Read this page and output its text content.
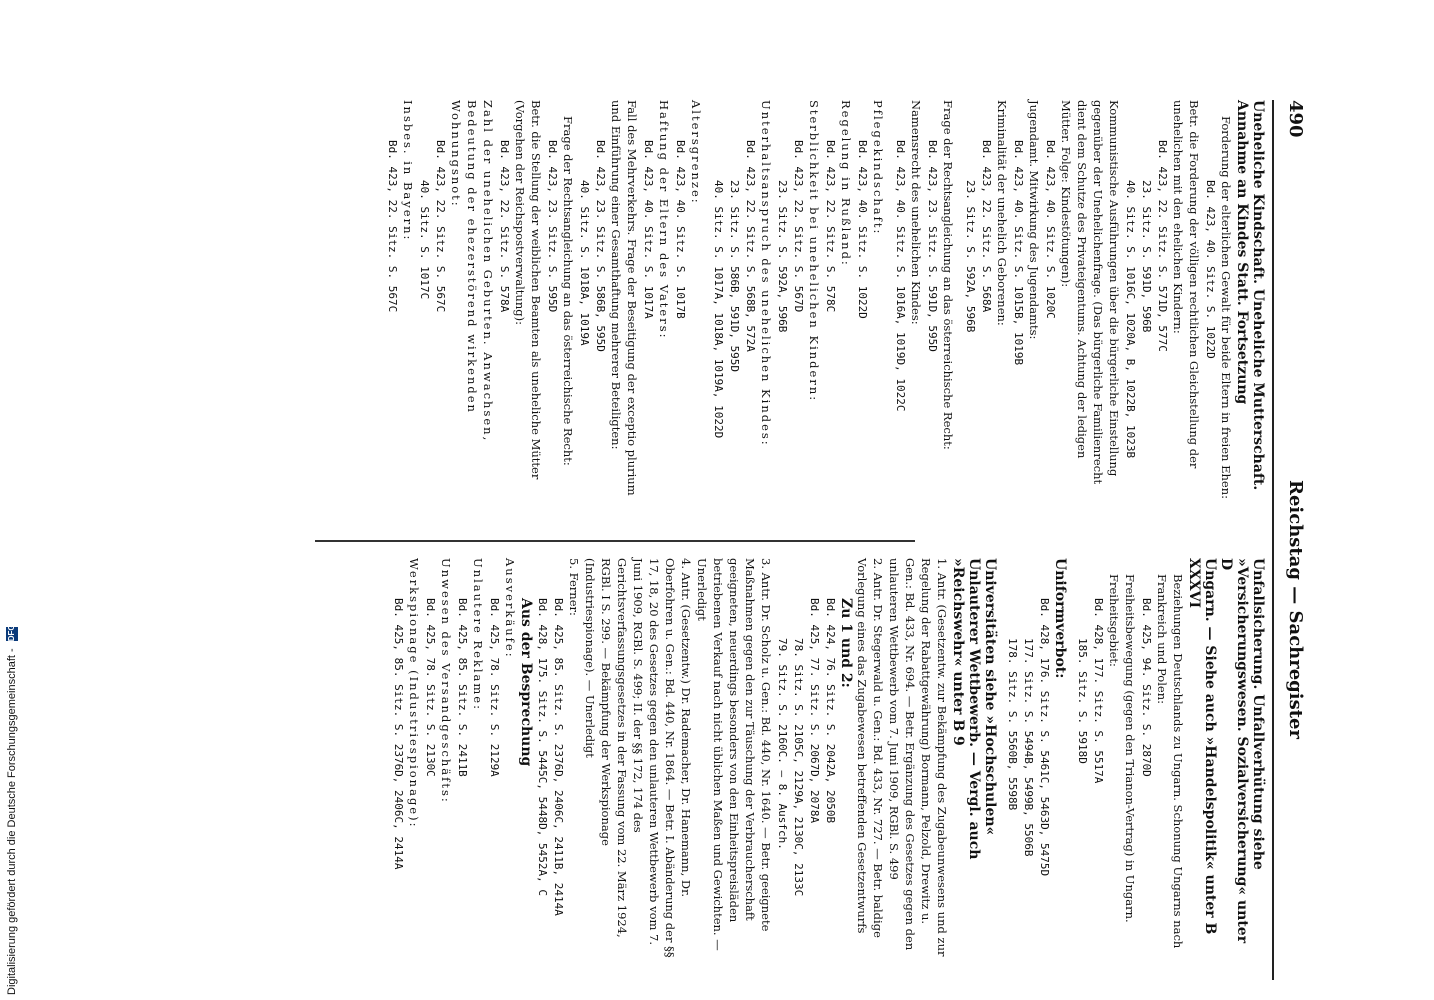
490
Reichstag — Sachregister
Uneheliche Kindschaft. Uneheliche Mutterschaft. Annahme an Kindes Statt. Fortsetzung
Forderung der elterlichen Gewalt für beide Eltern in freien Ehen:
Bd. 423, 40. Sitz. S. 1022D
Betr. die Forderung der völligen rechtlichen Gleichstellung der unehelichen mit den ehelichen Kindern:
Bd. 423, 22. Sitz. S. 571D, 577C
23. Sitz. S. 591D, 596B
40. Sitz. S. 1016C, 1020A, B, 1022B, 1023B
Kommunistische Ausführungen über die bürgerliche Einstellung gegenüber der Unehelichenfrage. (Das bürgerliche Familienrecht dient dem Schutze des Privateigentums. Achtung der ledigen Mütter. Folge: Kindestötungen):
Bd. 423, 40. Sitz. S. 1020C
Jugendamt. Mitwirkung des Jugendamts:
Bd. 423, 40. Sitz. S. 1015B, 1019B
Kriminalität der unehelich Geborenen:
Bd. 423, 22. Sitz. S. 568A
23. Sitz. S. 592A, 596B
Frage der Rechtsangleichung an das österreichische Recht:
Bd. 423, 23. Sitz. S. 591D, 595D
Namensrecht des unehelichen Kindes:
Bd. 423, 40. Sitz. S. 1016A, 1019D, 1022C
Pflegekindschaft:
Bd. 423, 40. Sitz. S. 1022D
Regelung in Rußland:
Bd. 423, 22. Sitz. S. 578C
Sterblichkeit bei unehelichen Kindern:
Bd. 423, 22. Sitz. S. 567D
23. Sitz. S. 592A, 596B
Unterhaltsanspruch des unehelichen Kindes:
Bd. 423, 22. Sitz. S. 568B, 572A
23. Sitz. S. 586B, 591D, 595D
40. Sitz. S. 1017A, 1018A, 1019A, 1022D
Altersgrenze:
Bd. 423, 40. Sitz. S. 1017B
Haftung der Eltern des Vaters:
Bd. 423, 40. Sitz. S. 1017A
Fall des Mehrverkehrs. Frage der Beseitigung der exceptio plurium und Einführung einer Gesamthaftung mehrerer Beteiligten:
Bd. 423, 23. Sitz. S. 586B, 595D
40. Sitz. S. 1018A, 1019A
Frage der Rechtsangleichung an das österreichische Recht:
Bd. 423, 23. Sitz. S. 595D
Betr. die Stellung der weiblichen Beamten als uneheliche Mütter (Vorgehen der Reichspostverwaltung):
Bd. 423, 22. Sitz. S. 578A
Zahl der unehelichen Geburten. Anwachsen, Bedeutung der ehezerstörend wirkenden Wohnungsnot:
Bd. 423, 22. Sitz. S. 567C
40. Sitz. S. 1017C
Insbes. in Bayern:
Bd. 423, 22. Sitz. S. 567C
Unfallsicherung. Unfallverhütung siehe »Versicherungswesen. Sozialversicherung« unter D
Ungarn. — Siehe auch »Handelspolitik« unter B XXXVI
Beziehungen Deutschlands zu Ungarn. Schonung Ungarns nach Frankreich und Polen:
Bd. 425, 94. Sitz. S. 2870D
Freiheitsbewegung (gegen den Trianon-Vertrag) in Ungarn. Freiheitsgebiet:
Bd. 428, 177. Sitz. S. 5517A
185. Sitz. S. 5918D
Uniformverbot:
Bd. 428, 176. Sitz. S. 5461C, 5463D, 5475D
177. Sitz. S. 5494B, 5499B, 5506B
178. Sitz. S. 5560B, 5598B
Universitäten siehe »Hochschulen«
Unlauterer Wettbewerb. — Vergl. auch »Reichswehr« unter B 9
1. Antr. (Gesetzentw. zur Bekämpfung des Zugabeunwesens und zur Regelung der Rabattgewährung) Bormann, Pelzold, Drewitz u. Gen.: Bd. 433, Nr. 694. — Betr. Ergänzung des Gesetzes gegen den unlauteren Wettbewerb vom 7. Juni 1909, RGBl. S. 499
2. Antr. Dr. Stegerwald u. Gen.: Bd. 433, Nr. 727. — Betr. baldige Vorlegung eines das Zugabewesen betreffenden Gesetzentwurfs
Zu 1 und 2:
Bd. 424, 76. Sitz. S. 2042A, 2050B
Bd. 425, 77. Sitz. S. 2067D, 2078A
78. Sitz. S. 2105C, 2129A, 2130C, 2133C
79. Sitz. S. 2160C. — 8. Ausfch.
3. Antr. Dr. Scholz u. Gen.: Bd. 440, Nr. 1640. — Betr. geeignete Maßnahmen gegen den zur Täuschung der Verbraucherschaft geeigneten, neuerdings besonders von den Einheitspreisläden betriebenen Verkauf nach nicht üblichen Maßen und Gewichten. — Unerledigt
4. Antr. (Gesetzentw.) Dr. Rademacher, Dr. Hanemann, Dr. Oberfohren u. Gen.: Bd. 440, Nr. 1864. — Betr. I. Abänderung der §§ 17, 18, 20 des Gesetzes gegen den unlauteren Wettbewerb vom 7. Juni 1909, RGBl. S. 499; II. der §§ 172, 174 des Gerichtsverfassungsgesetzes in der Fassung vom 22. März 1924, RGBl. I S. 299. — Bekämpfung der Werkspionage (Industriespionage). — Unerledigt
5. Ferner:
Bd. 425, 85. Sitz. S. 2376D, 2406C, 2411B, 2414A
Bd. 428, 175. Sitz. S. 5445C, 5448D, 5452A, C
Aus der Besprechung
Ausverkäufe:
Bd. 425, 78. Sitz. S. 2129A
Unlautere Reklame:
Bd. 425, 85. Sitz. S. 2411B
Unwesen des Versandgeschäfts:
Bd. 425, 78. Sitz. S. 2130C
Werkspionage (Industriespionage):
Bd. 425, 85. Sitz. S. 2376D, 2406C, 2414A
Digitalisierung gefördert durch die Deutsche Forschungsgemeinschaft - DFG
